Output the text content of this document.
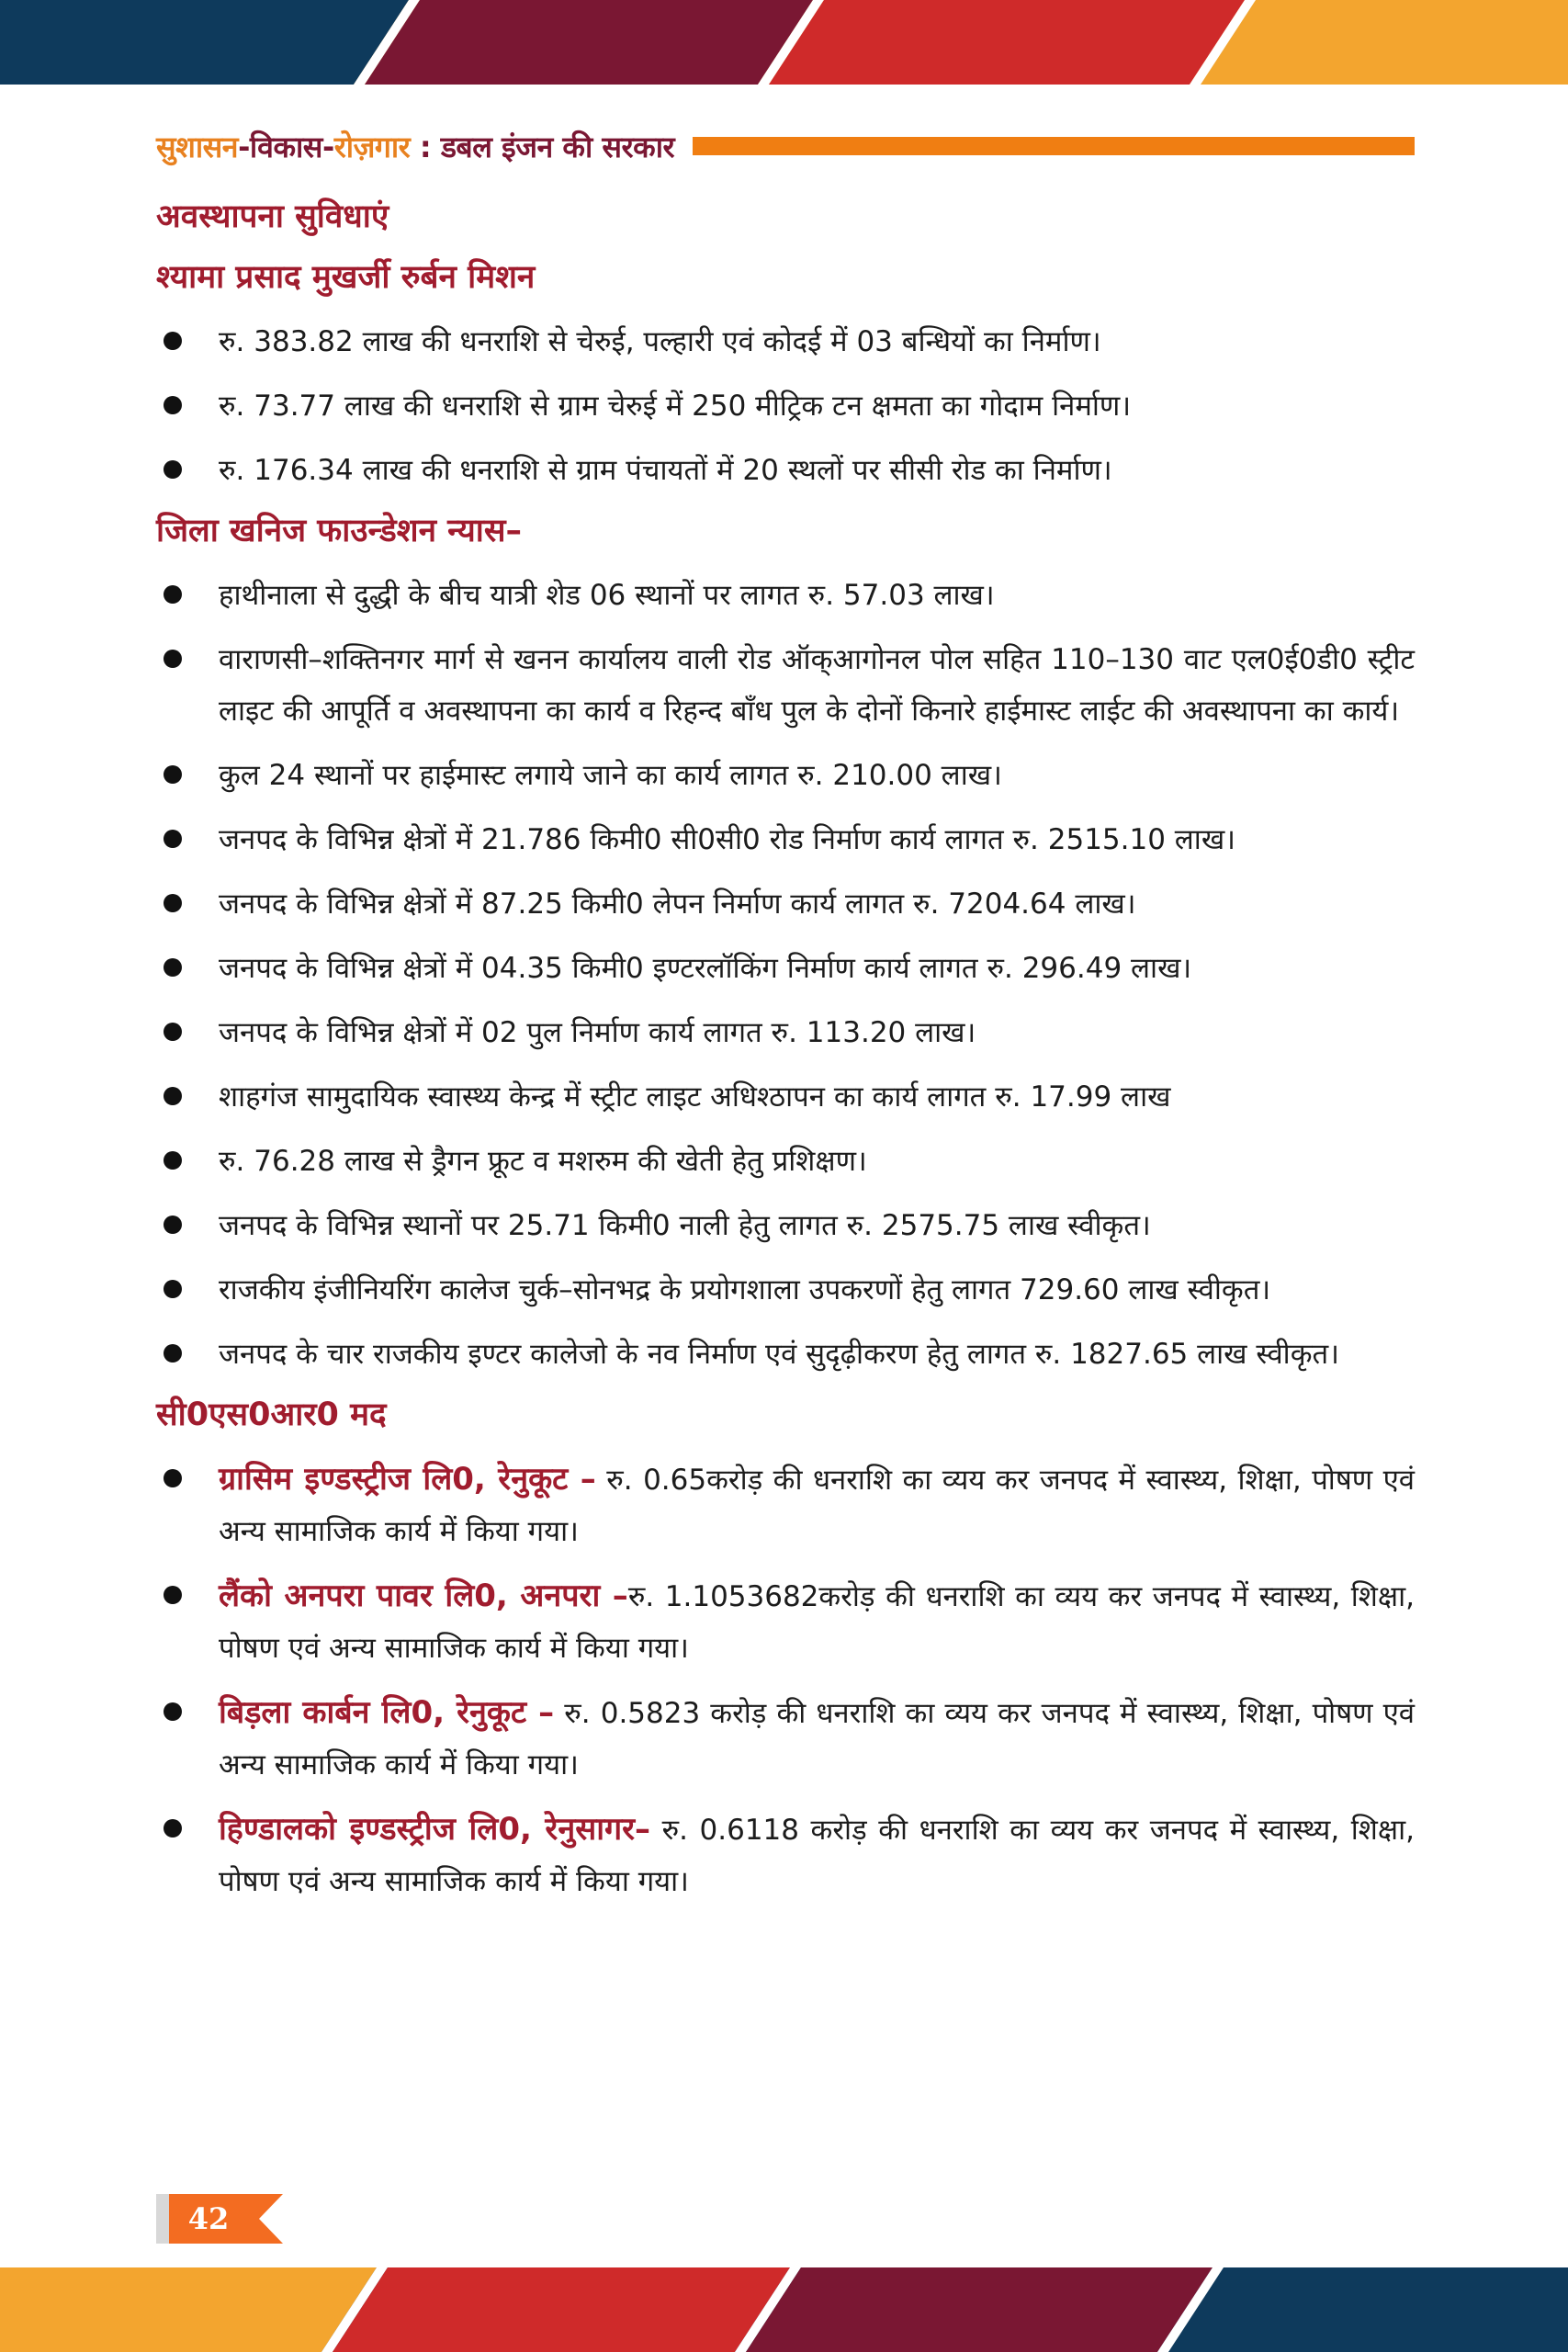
सुशासन-विकास-रोज़गार : डबल इंजन की सरकार
अवस्थापना सुविधाएं
श्यामा प्रसाद मुखर्जी रुर्बन मिशन
रु. 383.82 लाख की धनराशि से चेरुई, पल्हारी एवं कोदई में 03 बन्धियों का निर्माण।
रु. 73.77 लाख की धनराशि से ग्राम चेरुई में 250 मीट्रिक टन क्षमता का गोदाम निर्माण।
रु. 176.34 लाख की धनराशि से ग्राम पंचायतों में 20 स्थलों पर सीसी रोड का निर्माण।
जिला खनिज फाउन्डेशन न्यास–
हाथीनाला से दुद्धी के बीच यात्री शेड 06 स्थानों पर लागत रु. 57.03 लाख।
वाराणसी–शक्तिनगर मार्ग से खनन कार्यालय वाली रोड ऑक्आगोनल पोल सहित 110–130 वाट एल0ई0डी0 स्ट्रीट लाइट की आपूर्ति व अवस्थापना का कार्य व रिहन्द बाँध पुल के दोनों किनारे हाईमास्ट लाईट की अवस्थापना का कार्य।
कुल 24 स्थानों पर हाईमास्ट लगाये जाने का कार्य लागत रु. 210.00 लाख।
जनपद के विभिन्न क्षेत्रों में 21.786 किमी0 सी0सी0 रोड निर्माण कार्य लागत रु. 2515.10 लाख।
जनपद के विभिन्न क्षेत्रों में 87.25 किमी0 लेपन निर्माण कार्य लागत रु. 7204.64 लाख।
जनपद के विभिन्न क्षेत्रों में 04.35 किमी0 इण्टरलॉकिंग निर्माण कार्य लागत रु. 296.49 लाख।
जनपद के विभिन्न क्षेत्रों में 02 पुल निर्माण कार्य लागत रु. 113.20 लाख।
शाहगंज सामुदायिक स्वास्थ्य केन्द्र में स्ट्रीट लाइट अधिश्ठापन का कार्य लागत रु. 17.99 लाख
रु. 76.28 लाख से ड्रैगन फ्रूट व मशरुम की खेती हेतु प्रशिक्षण।
जनपद के विभिन्न स्थानों पर 25.71 किमी0 नाली हेतु लागत रु. 2575.75 लाख स्वीकृत।
राजकीय इंजीनियरिंग कालेज चुर्क–सोनभद्र के प्रयोगशाला उपकरणों हेतु लागत 729.60 लाख स्वीकृत।
जनपद के चार राजकीय इण्टर कालेजो के नव निर्माण एवं सुदृढ़ीकरण हेतु लागत रु. 1827.65 लाख स्वीकृत।
सी0एस0आर0 मद
ग्रासिम इण्डस्ट्रीज लि0, रेनुकूट – रु. 0.65करोड़ की धनराशि का व्यय कर जनपद में स्वास्थ्य, शिक्षा, पोषण एवं अन्य सामाजिक कार्य में किया गया।
लैंको अनपरा पावर लि0, अनपरा –रु. 1.1053682करोड़ की धनराशि का व्यय कर जनपद में स्वास्थ्य, शिक्षा, पोषण एवं अन्य सामाजिक कार्य में किया गया।
बिड़ला कार्बन लि0, रेनुकूट – रु. 0.5823 करोड़ की धनराशि का व्यय कर जनपद में स्वास्थ्य, शिक्षा, पोषण एवं अन्य सामाजिक कार्य में किया गया।
हिण्डालको इण्डस्ट्रीज लि0, रेनुसागर– रु. 0.6118 करोड़ की धनराशि का व्यय कर जनपद में स्वास्थ्य, शिक्षा, पोषण एवं अन्य सामाजिक कार्य में किया गया।
42
